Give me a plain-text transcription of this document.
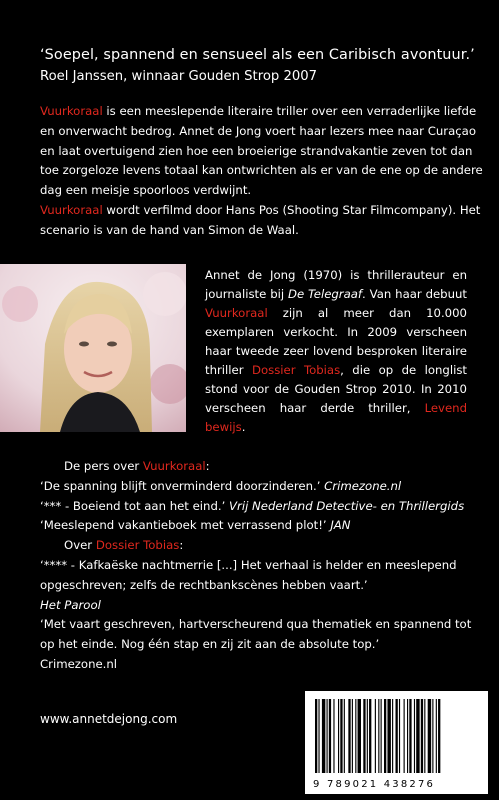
‘Soepel, spannend en sensueel als een Caribisch avontuur.’

Roel Janssen, winnaar Gouden Strop 2007

Vuurkoraal is een meeslepende literaire triller over een verraderlijke liefde en onverwacht bedrog. Annet de Jong voert haar lezers mee naar Curaçao en laat overtuigend zien hoe een broeierige strandvakantie zeven tot dan toe zorgeloze levens totaal kan ontwrichten als er van de ene op de andere dag een meisje spoorloos verdwijnt.

Vuurkoraal wordt verfilmd door Hans Pos (Shooting Star Filmcompany). Het scenario is van de hand van Simon de Waal.

Annet de Jong (1970) is thrillerauteur en journaliste bij De Telegraaf. Van haar debuut Vuurkoraal zijn al meer dan 10.000 exemplaren verkocht. In 2009 verscheen haar tweede zeer lovend besproken literaire thriller Dossier Tobias, die op de longlist stond voor de Gouden Strop 2010. In 2010 verscheen haar derde thriller, Levend bewijs.

De pers over Vuurkoraal:

‘De spanning blijft onverminderd doorzinderen.’ Crimezone.nl

‘*** - Boeiend tot aan het eind.’ Vrij Nederland Detective- en Thrillergids

‘Meeslepend vakantieboek met verrassend plot!’ JAN

Over Dossier Tobias:

‘**** - Kafkaëske nachtmerrie [...] Het verhaal is helder en meeslepend opgeschreven; zelfs de rechtbankscènes hebben vaart.’

Het Parool

‘Met vaart geschreven, hartverscheurend qua thematiek en spannend tot op het einde. Nog één stap en zij zit aan de absolute top.’

Crimezone.nl

www.annetdejong.com
9 789021 438276
